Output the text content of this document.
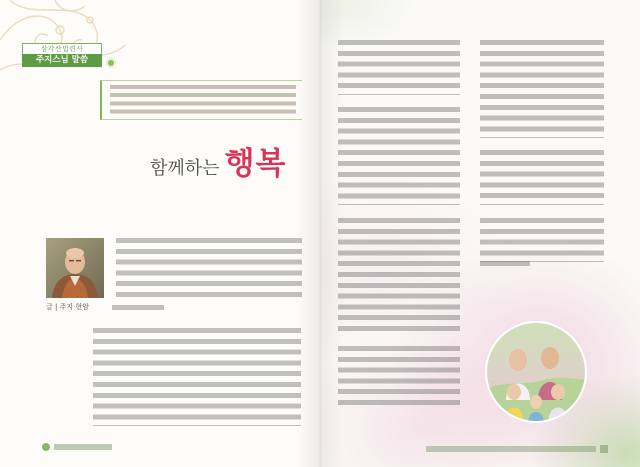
삼각산법련사
주지스님 말씀
함께하는 행복
글 | 주지 현암
